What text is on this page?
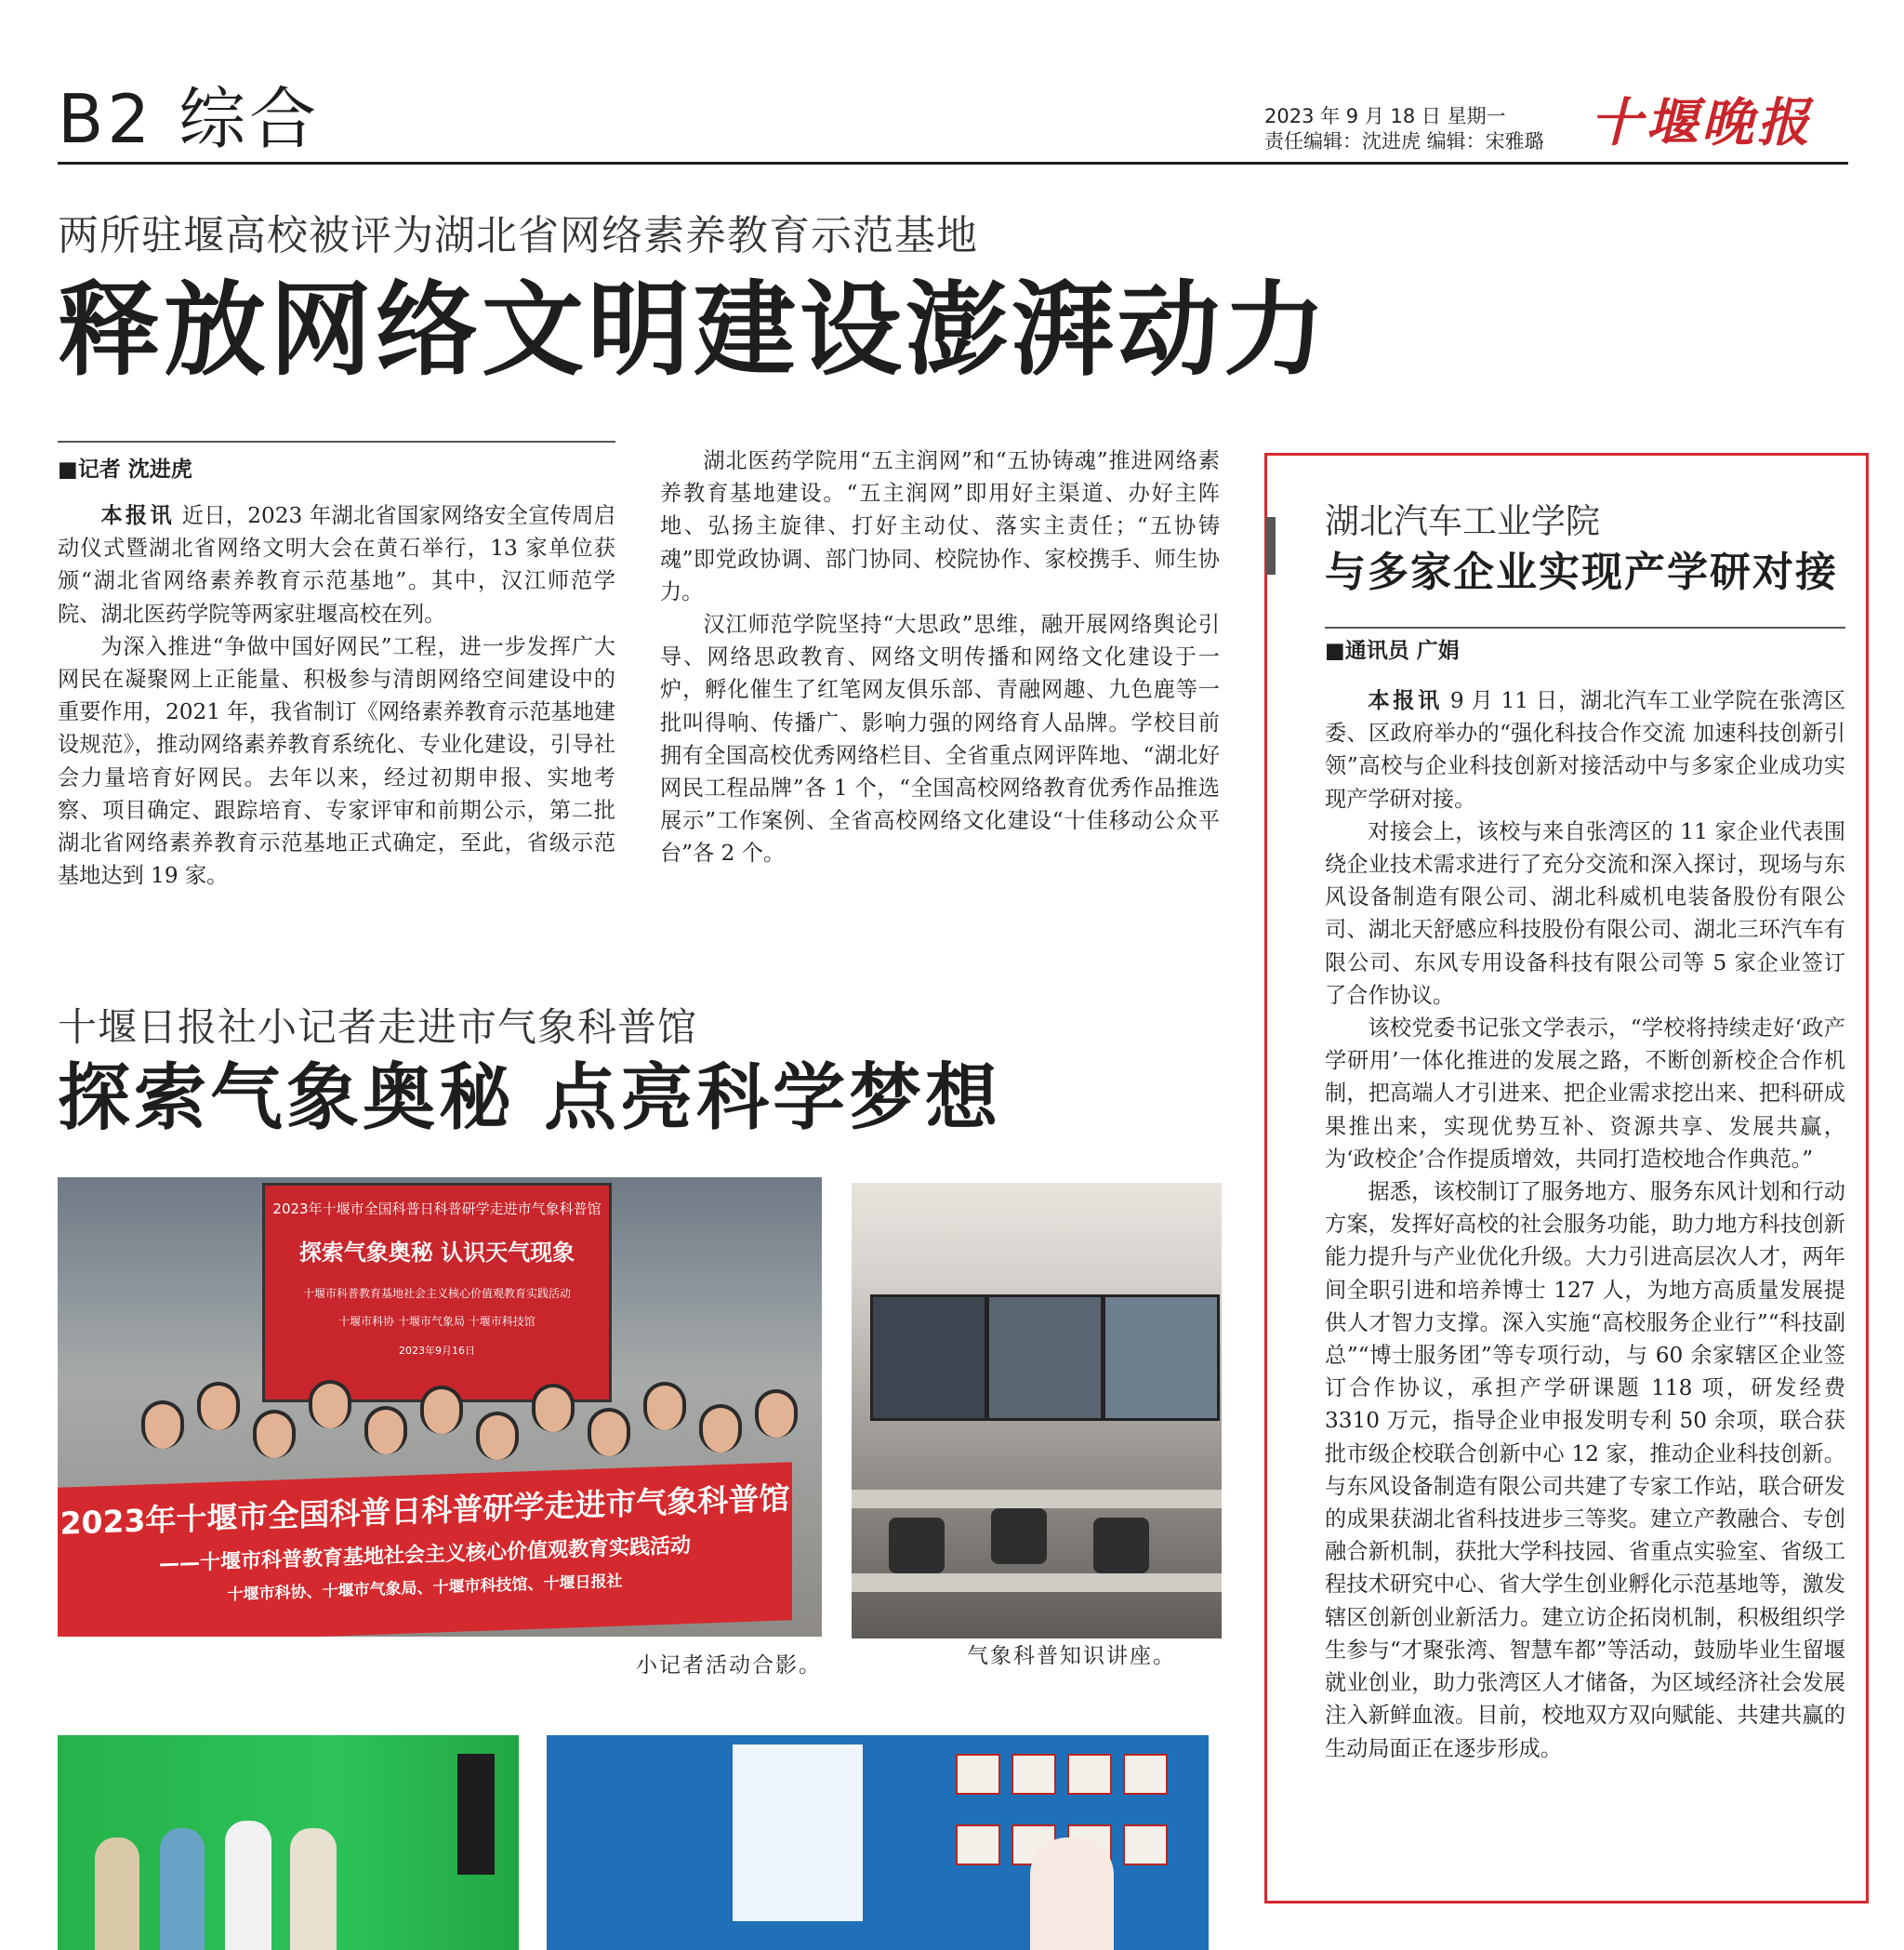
B2 综合	2023 年 9 月 18 日 星期一
责任编辑：沈进虎 编辑：宋雅璐 十堰晚报
两所驻堰高校被评为湖北省网络素养教育示范基地
释放网络文明建设澎湃动力
■记者 沈进虎

本报讯 近日，2023 年湖北省国家网络安全宣传周启动仪式暨湖北省网络文明大会在黄石举行，13 家单位获颁“湖北省网络素养教育示范基地”。其中，汉江师范学院、湖北医药学院等两家驻堰高校在列。

为深入推进“争做中国好网民”工程，进一步发挥广大网民在凝聚网上正能量、积极参与清朗网络空间建设中的重要作用，2021 年，我省制订《网络素养教育示范基地建设规范》，推动网络素养教育系统化、专业化建设，引导社会力量培育好网民。去年以来，经过初期申报、实地考察、项目确定、跟踪培育、专家评审和前期公示，第二批湖北省网络素养教育示范基地正式确定，至此，省级示范基地达到 19 家。

湖北医药学院用“五主润网”和“五协铸魂”推进网络素养教育基地建设。“五主润网”即用好主渠道、办好主阵地、弘扬主旋律、打好主动仗、落实主责任；“五协铸魂”即党政协调、部门协同、校院协作、家校携手、师生协力。

汉江师范学院坚持“大思政”思维，融开展网络舆论引导、网络思政教育、网络文明传播和网络文化建设于一炉，孵化催生了红笔网友俱乐部、青融网趣、九色鹿等一批叫得响、传播广、影响力强的网络育人品牌。学校目前拥有全国高校优秀网络栏目、全省重点网评阵地、“湖北好网民工程品牌”各 1 个，“全国高校网络教育优秀作品推选展示”工作案例、全省高校网络文化建设“十佳移动公众平台”各 2 个。

湖北汽车工业学院
与多家企业实现产学研对接
■通讯员 广娟

本报讯 9 月 11 日，湖北汽车工业学院在张湾区委、区政府举办的“强化科技合作交流 加速科技创新引领”高校与企业科技创新对接活动中与多家企业成功实现产学研对接。

对接会上，该校与来自张湾区的 11 家企业代表围绕企业技术需求进行了充分交流和深入探讨，现场与东风设备制造有限公司、湖北科威机电装备股份有限公司、湖北天舒感应科技股份有限公司、湖北三环汽车有限公司、东风专用设备科技有限公司等 5 家企业签订了合作协议。

该校党委书记张文学表示，“学校将持续走好‘政产学研用’一体化推进的发展之路，不断创新校企合作机制，把高端人才引进来、把企业需求挖出来、把科研成果推出来，实现优势互补、资源共享、发展共赢，为‘政校企’合作提质增效，共同打造校地合作典范。”

据悉，该校制订了服务地方、服务东风计划和行动方案，发挥好高校的社会服务功能，助力地方科技创新能力提升与产业优化升级。大力引进高层次人才，两年间全职引进和培养博士 127 人，为地方高质量发展提供人才智力支撑。深入实施“高校服务企业行”“科技副总”“博士服务团”等专项行动，与 60 余家辖区企业签订合作协议，承担产学研课题 118 项，研发经费 3310 万元，指导企业申报发明专利 50 余项，联合获批市级企校联合创新中心 12 家，推动企业科技创新。与东风设备制造有限公司共建了专家工作站，联合研发的成果获湖北省科技进步三等奖。建立产教融合、专创融合新机制，获批大学科技园、省重点实验室、省级工程技术研究中心、省大学生创业孵化示范基地等，激发辖区创新创业新活力。建立访企拓岗机制，积极组织学生参与“才聚张湾、智慧车都”等活动，鼓励毕业生留堰就业创业，助力张湾区人才储备，为区域经济社会发展注入新鲜血液。目前，校地双方双向赋能、共建共赢的生动局面正在逐步形成。

十堰日报社小记者走进市气象科普馆
探索气象奥秘 点亮科学梦想
2023年十堰市全国科普日科普研学走进市气象科普馆
探索气象奥秘 认识天气现象
十堰市科普教育基地社会主义核心价值观教育实践活动
十堰市科协 十堰市气象局 十堰市科技馆
2023年9月16日
2023年十堰市全国科普日科普研学走进市气象科普馆
——十堰市科普教育基地社会主义核心价值观教育实践活动
十堰市科协、十堰市气象局、十堰市科技馆、十堰日报社
小记者活动合影。	气象科普知识讲座。
